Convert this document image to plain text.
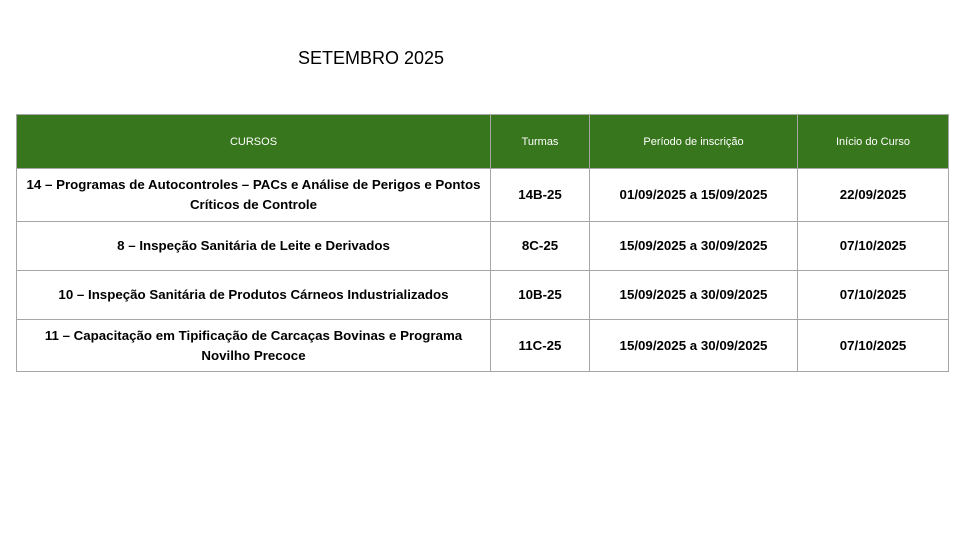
SETEMBRO 2025
CURSOS	Turmas	Período de inscrição	Início do Curso
14 – Programas de Autocontroles – PACs e Análise de Perigos e Pontos Críticos de Controle	14B-25	01/09/2025 a 15/09/2025	22/09/2025
8 – Inspeção Sanitária de Leite e Derivados	8C-25	15/09/2025 a 30/09/2025	07/10/2025
10 – Inspeção Sanitária de Produtos Cárneos Industrializados	10B-25	15/09/2025 a 30/09/2025	07/10/2025
11 – Capacitação em Tipificação de Carcaças Bovinas e Programa Novilho Precoce	11C-25	15/09/2025 a 30/09/2025	07/10/2025
